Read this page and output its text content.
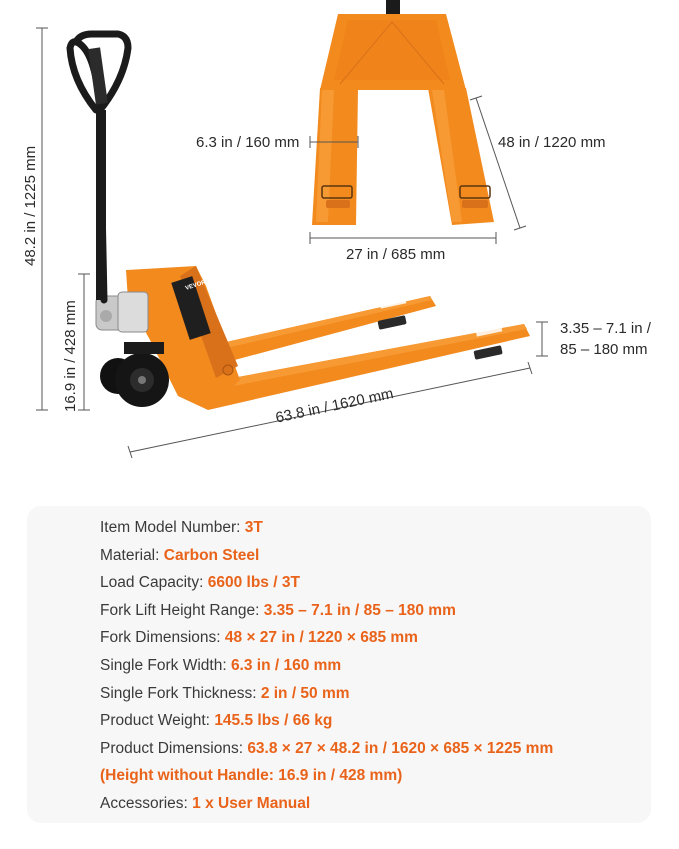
VEVOR
48.2 in / 1225 mm
16.9 in / 428 mm	63.8 in / 1620 mm
6.3 in / 160 mm	48 in / 1220 mm
27 in / 685 mm
3.35 – 7.1 in /
85 – 180 mm
Item Model Number: 3T
Material: Carbon Steel
Load Capacity: 6600 lbs / 3T
Fork Lift Height Range: 3.35 – 7.1 in / 85 – 180 mm
Fork Dimensions: 48 × 27 in / 1220 × 685 mm
Single Fork Width: 6.3 in / 160 mm
Single Fork Thickness: 2 in / 50 mm
Product Weight: 145.5 lbs / 66 kg
Product Dimensions: 63.8 × 27 × 48.2 in / 1620 × 685 × 1225 mm
(Height without Handle: 16.9 in / 428 mm)
Accessories: 1 x User Manual
